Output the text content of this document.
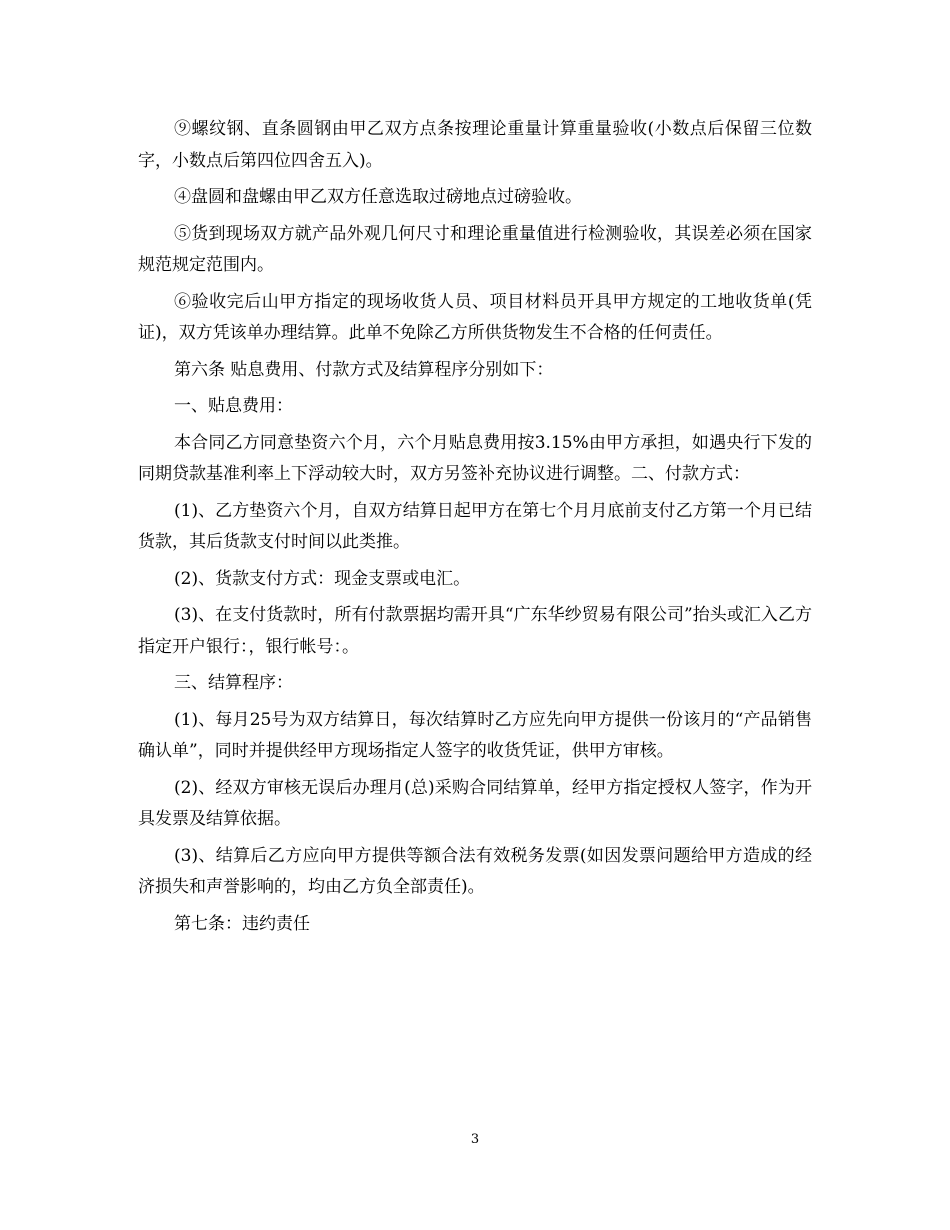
⑨螺纹钢、直条圆钢由甲乙双方点条按理论重量计算重量验收(小数点后保留三位数字，小数点后第四位四舍五入)。

④盘圆和盘螺由甲乙双方任意选取过磅地点过磅验收。

⑤货到现场双方就产品外观几何尺寸和理论重量值进行检测验收，其误差必须在国家规范规定范围内。

⑥验收完后山甲方指定的现场收货人员、项目材料员开具甲方规定的工地收货单(凭证)，双方凭该单办理结算。此单不免除乙方所供货物发生不合格的任何责任。

第六条 贴息费用、付款方式及结算程序分别如下：

一、贴息费用：

本合同乙方同意垫资六个月，六个月贴息费用按3.15%由甲方承担，如遇央行下发的同期贷款基准利率上下浮动较大时，双方另签补充协议进行调整。二、付款方式：

(1)、乙方垫资六个月，自双方结算日起甲方在第七个月月底前支付乙方第一个月已结货款，其后货款支付时间以此类推。

(2)、货款支付方式：现金支票或电汇。

(3)、在支付货款时，所有付款票据均需开具“广东华纱贸易有限公司”抬头或汇入乙方指定开户银行：，银行帐号：。

三、结算程序：

(1)、每月25号为双方结算日，每次结算时乙方应先向甲方提供一份该月的“产品销售确认单”，同时并提供经甲方现场指定人签字的收货凭证，供甲方审核。

(2)、经双方审核无误后办理月(总)采购合同结算单，经甲方指定授权人签字，作为开具发票及结算依据。

(3)、结算后乙方应向甲方提供等额合法有效税务发票(如因发票问题给甲方造成的经济损失和声誉影响的，均由乙方负全部责任)。

第七条：违约责任

3
